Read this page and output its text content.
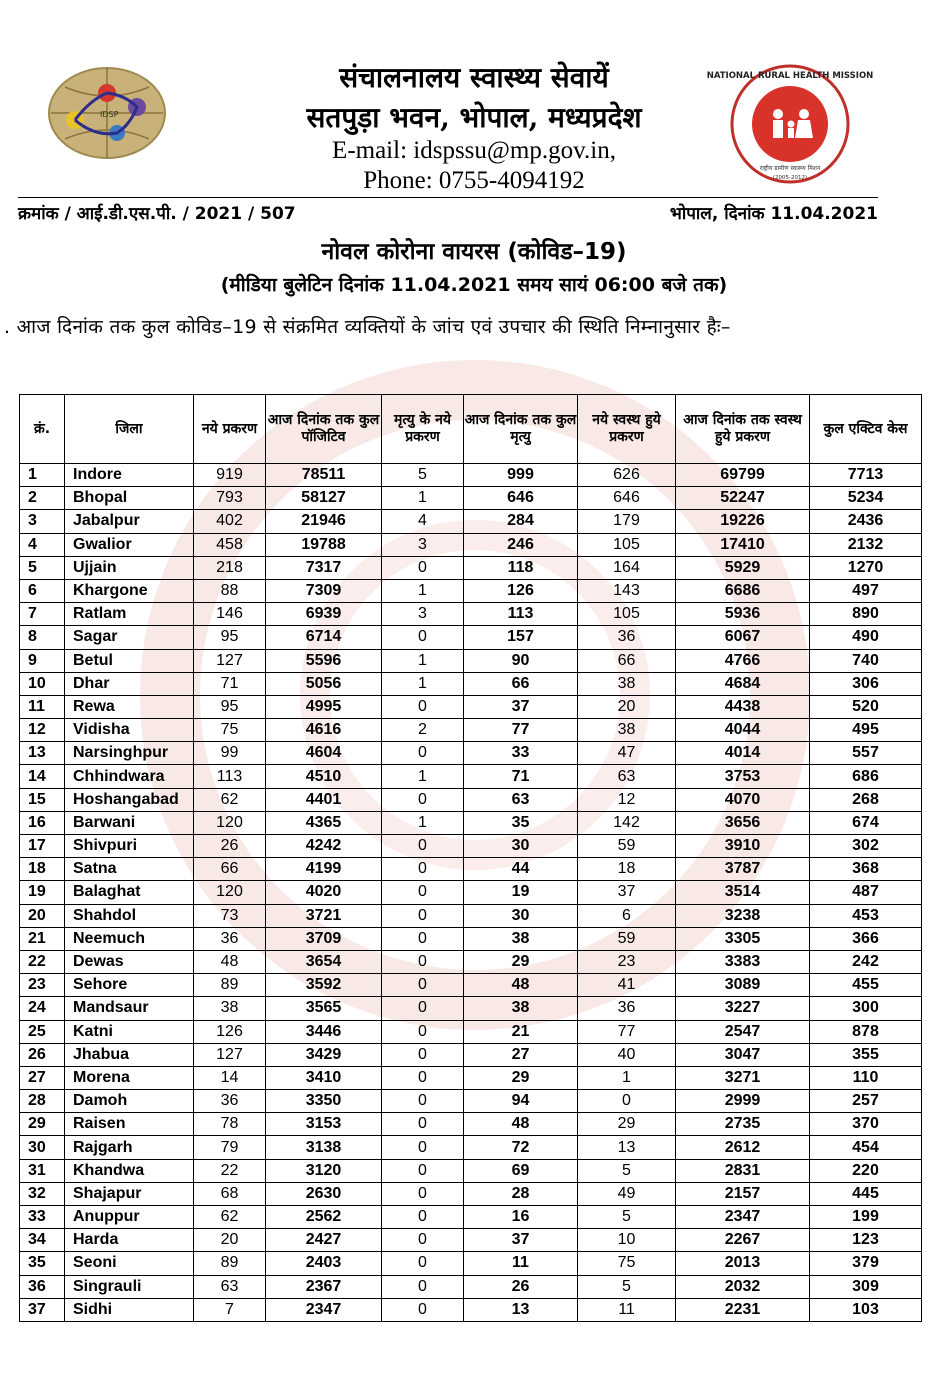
IDSP
NATIONAL RURAL HEALTH MISSION
राष्ट्रीय ग्रामीण स्वास्थ्य मिशन
(2005-2012)
संचालनालय स्वास्थ्य सेवायें
सतपुड़ा भवन, भोपाल, मध्यप्रदेश
E-mail: idspssu@mp.gov.in,
Phone: 0755-4094192
क्रमांक / आई.डी.एस.पी. / 2021 / 507	भोपाल, दिनांक 11.04.2021
नोवल कोरोना वायरस (कोविड–19)
(मीडिया बुलेटिन दिनांक 11.04.2021 समय सायं 06:00 बजे तक)
. आज दिनांक तक कुल कोविड–19 से संक्रमित व्यक्तियों के जांच एवं उपचार की स्थिति निम्नानुसार हैः–
क्रं.	जिला	नये प्रकरण	आज दिनांक तक कुल पॉजिटिव	मृत्यु के नये प्रकरण	आज दिनांक तक कुल मृत्यु	नये स्वस्थ हुये प्रकरण	आज दिनांक तक स्वस्थ हुये प्रकरण	कुल एक्टिव केस
1	Indore	919	78511	5	999	626	69799	7713
2	Bhopal	793	58127	1	646	646	52247	5234
3	Jabalpur	402	21946	4	284	179	19226	2436
4	Gwalior	458	19788	3	246	105	17410	2132
5	Ujjain	218	7317	0	118	164	5929	1270
6	Khargone	88	7309	1	126	143	6686	497
7	Ratlam	146	6939	3	113	105	5936	890
8	Sagar	95	6714	0	157	36	6067	490
9	Betul	127	5596	1	90	66	4766	740
10	Dhar	71	5056	1	66	38	4684	306
11	Rewa	95	4995	0	37	20	4438	520
12	Vidisha	75	4616	2	77	38	4044	495
13	Narsinghpur	99	4604	0	33	47	4014	557
14	Chhindwara	113	4510	1	71	63	3753	686
15	Hoshangabad	62	4401	0	63	12	4070	268
16	Barwani	120	4365	1	35	142	3656	674
17	Shivpuri	26	4242	0	30	59	3910	302
18	Satna	66	4199	0	44	18	3787	368
19	Balaghat	120	4020	0	19	37	3514	487
20	Shahdol	73	3721	0	30	6	3238	453
21	Neemuch	36	3709	0	38	59	3305	366
22	Dewas	48	3654	0	29	23	3383	242
23	Sehore	89	3592	0	48	41	3089	455
24	Mandsaur	38	3565	0	38	36	3227	300
25	Katni	126	3446	0	21	77	2547	878
26	Jhabua	127	3429	0	27	40	3047	355
27	Morena	14	3410	0	29	1	3271	110
28	Damoh	36	3350	0	94	0	2999	257
29	Raisen	78	3153	0	48	29	2735	370
30	Rajgarh	79	3138	0	72	13	2612	454
31	Khandwa	22	3120	0	69	5	2831	220
32	Shajapur	68	2630	0	28	49	2157	445
33	Anuppur	62	2562	0	16	5	2347	199
34	Harda	20	2427	0	37	10	2267	123
35	Seoni	89	2403	0	11	75	2013	379
36	Singrauli	63	2367	0	26	5	2032	309
37	Sidhi	7	2347	0	13	11	2231	103
